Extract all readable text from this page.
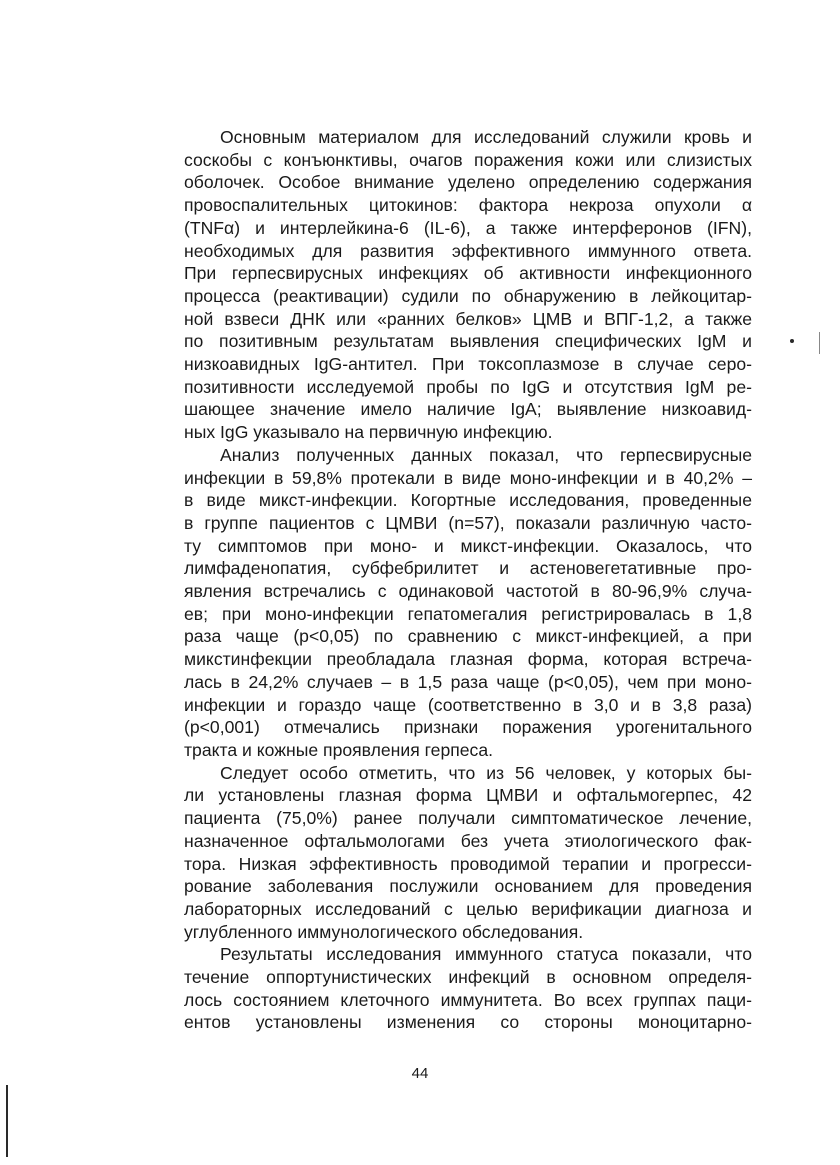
Основным материалом для исследований служили кровь и
соскобы с конъюнктивы, очагов поражения кожи или слизистых
оболочек. Особое внимание уделено определению содержания
провоспалительных цитокинов: фактора некроза опухоли α
(TNFα) и интерлейкина-6 (IL-6), а также интерферонов (IFN),
необходимых для развития эффективного иммунного ответа.
При герпесвирусных инфекциях об активности инфекционного
процесса (реактивации) судили по обнаружению в лейкоцитар-
ной взвеси ДНК или «ранних белков» ЦМВ и ВПГ-1,2, а также
по позитивным результатам выявления специфических IgM и
низкоавидных IgG-антител. При токсоплазмозе в случае серо-
позитивности исследуемой пробы по IgG и отсутствия IgM ре-
шающее значение имело наличие IgA; выявление низкоавид-
ных IgG указывало на первичную инфекцию.
Анализ полученных данных показал, что герпесвирусные
инфекции в 59,8% протекали в виде моно-инфекции и в 40,2% –
в виде микст-инфекции. Когортные исследования, проведенные
в группе пациентов с ЦМВИ (n=57), показали различную часто-
ту симптомов при моно- и микст-инфекции. Оказалось, что
лимфаденопатия, субфебрилитет и астеновегетативные про-
явления встречались с одинаковой частотой в 80-96,9% случа-
ев; при моно-инфекции гепатомегалия регистрировалась в 1,8
раза чаще (p<0,05) по сравнению с микст-инфекцией, а при
микстинфекции преобладала глазная форма, которая встреча-
лась в 24,2% случаев – в 1,5 раза чаще (p<0,05), чем при моно-
инфекции и гораздо чаще (соответственно в 3,0 и в 3,8 раза)
(p<0,001) отмечались признаки поражения урогенитального
тракта и кожные проявления герпеса.
Следует особо отметить, что из 56 человек, у которых бы-
ли установлены глазная форма ЦМВИ и офтальмогерпес, 42
пациента (75,0%) ранее получали симптоматическое лечение,
назначенное офтальмологами без учета этиологического фак-
тора. Низкая эффективность проводимой терапии и прогресси-
рование заболевания послужили основанием для проведения
лабораторных исследований с целью верификации диагноза и
углубленного иммунологического обследования.
Результаты исследования иммунного статуса показали, что
течение оппортунистических инфекций в основном определя-
лось состоянием клеточного иммунитета. Во всех группах паци-
ентов установлены изменения со стороны моноцитарно-
44
